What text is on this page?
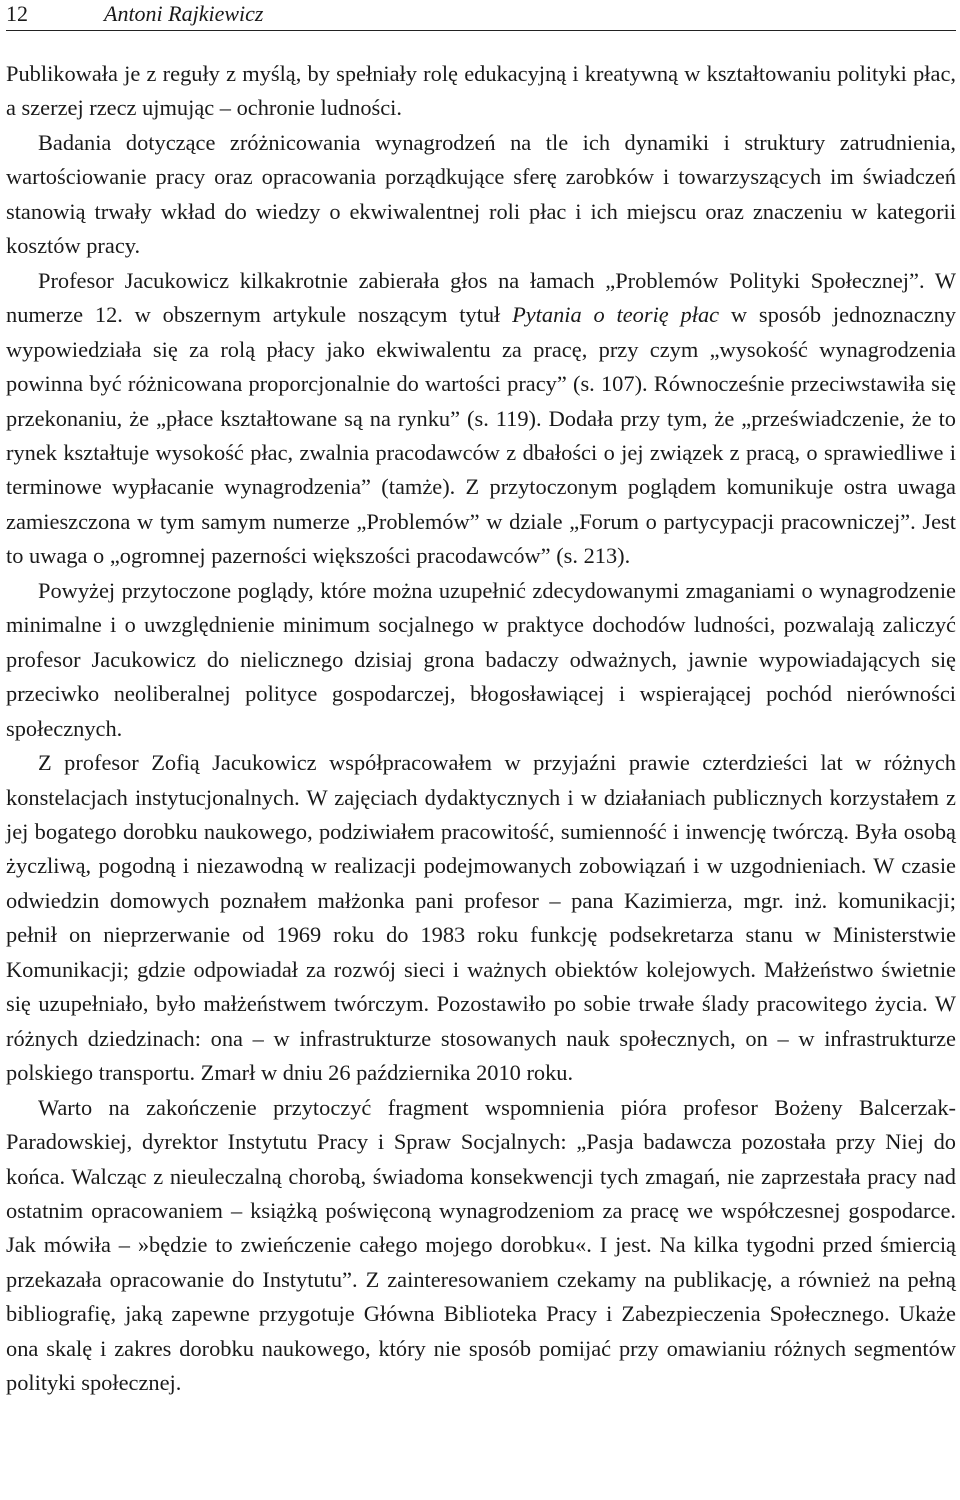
12	Antoni Rajkiewicz

Publikowała je z reguły z myślą, by spełniały rolę edukacyjną i kreatywną w kształtowaniu polityki płac, a szerzej rzecz ujmując – ochronie ludności.

Badania dotyczące zróżnicowania wynagrodzeń na tle ich dynamiki i struktury zatrudnienia, wartościowanie pracy oraz opracowania porządkujące sferę zarobków i towarzyszących im świadczeń stanowią trwały wkład do wiedzy o ekwiwalentnej roli płac i ich miejscu oraz znaczeniu w kategorii kosztów pracy.

Profesor Jacukowicz kilkakrotnie zabierała głos na łamach „Problemów Polityki Społecznej”. W numerze 12. w obszernym artykule noszącym tytuł Pytania o teorię płac w sposób jednoznaczny wypowiedziała się za rolą płacy jako ekwiwalentu za pracę, przy czym „wysokość wynagrodzenia powinna być różnicowana proporcjonalnie do wartości pracy” (s. 107). Równocześnie przeciwstawiła się przekonaniu, że „płace kształtowane są na rynku” (s. 119). Dodała przy tym, że „przeświadczenie, że to rynek kształtuje wysokość płac, zwalnia pracodawców z dbałości o jej związek z pracą, o sprawiedliwe i terminowe wypłacanie wynagrodzenia” (tamże). Z przytoczonym poglądem komunikuje ostra uwaga zamieszczona w tym samym numerze „Problemów” w dziale „Forum o partycypacji pracowniczej”. Jest to uwaga o „ogromnej pazerności większości pracodawców” (s. 213).

Powyżej przytoczone poglądy, które można uzupełnić zdecydowanymi zmaganiami o wynagrodzenie minimalne i o uwzględnienie minimum socjalnego w praktyce dochodów ludności, pozwalają zaliczyć profesor Jacukowicz do nielicznego dzisiaj grona badaczy odważnych, jawnie wypowiadających się przeciwko neoliberalnej polityce gospodarczej, błogosławiącej i wspierającej pochód nierówności społecznych.

Z profesor Zofią Jacukowicz współpracowałem w przyjaźni prawie czterdzieści lat w różnych konstelacjach instytucjonalnych. W zajęciach dydaktycznych i w działaniach publicznych korzystałem z jej bogatego dorobku naukowego, podziwiałem pracowitość, sumienność i inwencję twórczą. Była osobą życzliwą, pogodną i niezawodną w realizacji podejmowanych zobowiązań i w uzgodnieniach. W czasie odwiedzin domowych poznałem małżonka pani profesor – pana Kazimierza, mgr. inż. komunikacji; pełnił on nieprzerwanie od 1969 roku do 1983 roku funkcję podsekretarza stanu w Ministerstwie Komunikacji; gdzie odpowiadał za rozwój sieci i ważnych obiektów kolejowych. Małżeństwo świetnie się uzupełniało, było małżeństwem twórczym. Pozostawiło po sobie trwałe ślady pracowitego życia. W różnych dziedzinach: ona – w infrastrukturze stosowanych nauk społecznych, on – w infrastrukturze polskiego transportu. Zmarł w dniu 26 października 2010 roku.

Warto na zakończenie przytoczyć fragment wspomnienia pióra profesor Bożeny Balcerzak-Paradowskiej, dyrektor Instytutu Pracy i Spraw Socjalnych: „Pasja badawcza pozostała przy Niej do końca. Walcząc z nieuleczalną chorobą, świadoma konsekwencji tych zmagań, nie zaprzestała pracy nad ostatnim opracowaniem – książką poświęconą wynagrodzeniom za pracę we współczesnej gospodarce. Jak mówiła – »będzie to zwieńczenie całego mojego dorobku«. I jest. Na kilka tygodni przed śmiercią przekazała opracowanie do Instytutu”. Z zainteresowaniem czekamy na publikację, a również na pełną bibliografię, jaką zapewne przygotuje Główna Biblioteka Pracy i Zabezpieczenia Społecznego. Ukaże ona skalę i zakres dorobku naukowego, który nie sposób pomijać przy omawianiu różnych segmentów polityki społecznej.
